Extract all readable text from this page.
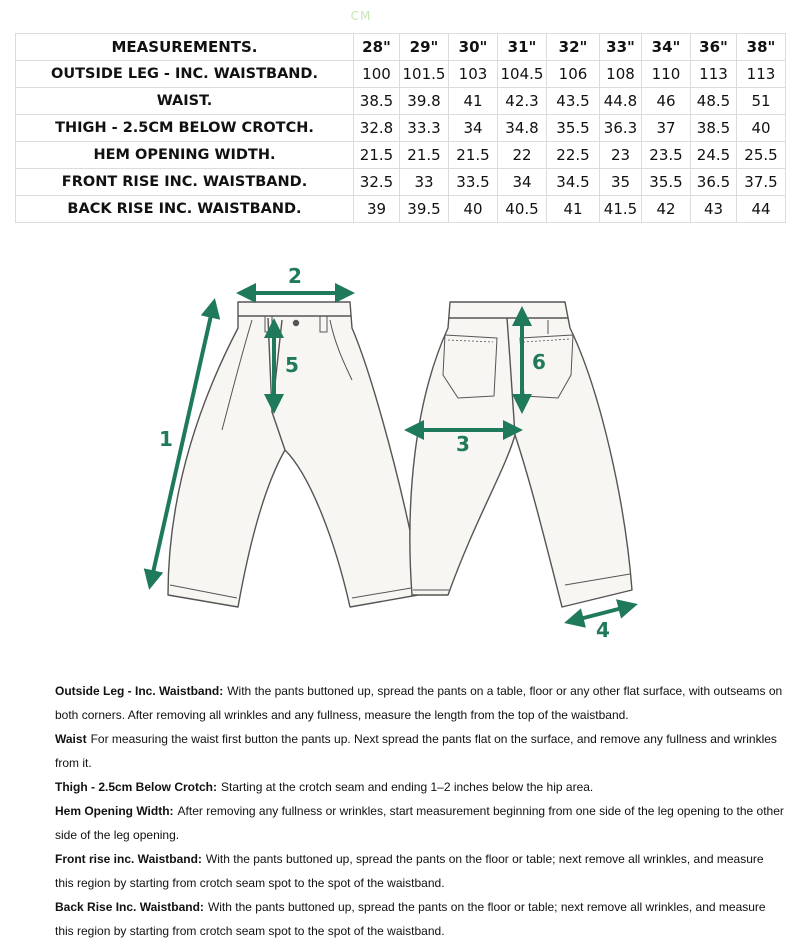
CM
MEASUREMENTS.	28"	29"	30"	31"	32"	33"	34"	36"	38"
OUTSIDE LEG - INC. WAISTBAND.	100	101.5	103	104.5	106	108	110	113	113
WAIST.	38.5	39.8	41	42.3	43.5	44.8	46	48.5	51
THIGH - 2.5CM BELOW CROTCH.	32.8	33.3	34	34.8	35.5	36.3	37	38.5	40
HEM OPENING WIDTH.	21.5	21.5	21.5	22	22.5	23	23.5	24.5	25.5
FRONT RISE INC. WAISTBAND.	32.5	33	33.5	34	34.5	35	35.5	36.5	37.5
BACK RISE INC. WAISTBAND.	39	39.5	40	40.5	41	41.5	42	43	44
1
2
3
4
5	6
Outside Leg - Inc. Waistband: With the pants buttoned up, spread the pants on a table, floor or any other flat surface, with outseams on both corners. After removing all wrinkles and any fullness, measure the length from the top of the waistband.
Waist For measuring the waist first button the pants up. Next spread the pants flat on the surface, and remove any fullness and wrinkles from it.
Thigh - 2.5cm Below Crotch: Starting at the crotch seam and ending 1–2 inches below the hip area.
Hem Opening Width: After removing any fullness or wrinkles, start measurement beginning from one side of the leg opening to the other side of the leg opening.
Front rise inc. Waistband: With the pants buttoned up, spread the pants on the floor or table; next remove all wrinkles, and measure this region by starting from crotch seam spot to the spot of the waistband.
Back Rise Inc. Waistband: With the pants buttoned up, spread the pants on the floor or table; next remove all wrinkles, and measure this region by starting from crotch seam spot to the spot of the waistband.
